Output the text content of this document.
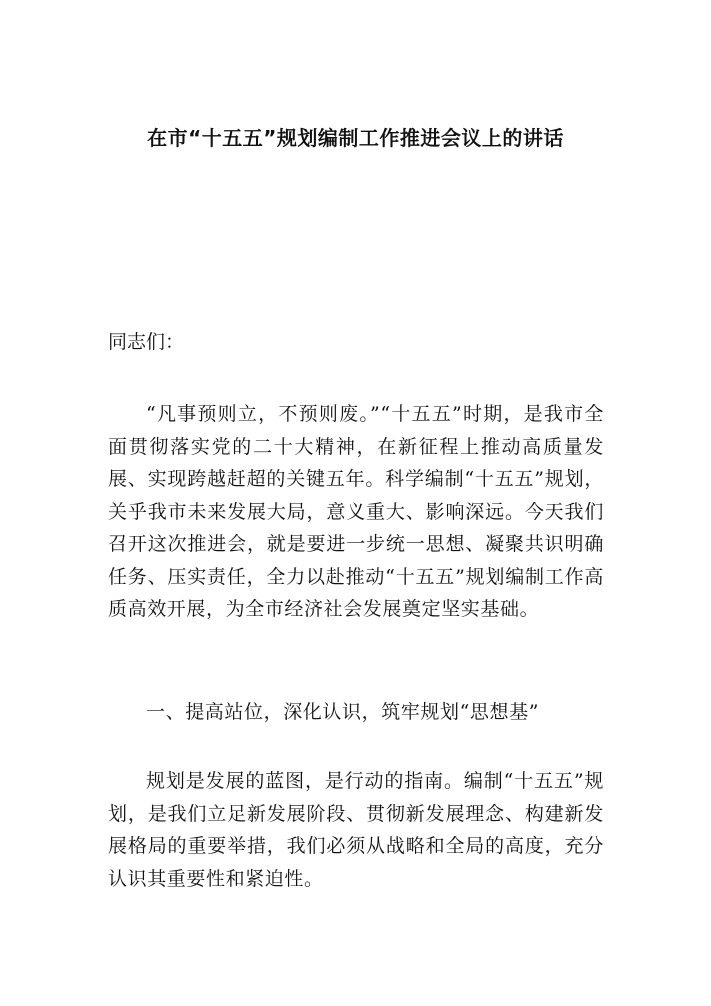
在市“十五五”规划编制工作推进会议上的讲话

同志们：

“凡事预则立，不预则废。”“十五五”时期，是我市全面贯彻落实党的二十大精神，在新征程上推动高质量发展、实现跨越赶超的关键五年。科学编制“十五五”规划，关乎我市未来发展大局，意义重大、影响深远。今天我们召开这次推进会，就是要进一步统一思想、凝聚共识明确任务、压实责任，全力以赴推动“十五五”规划编制工作高质高效开展，为全市经济社会发展奠定坚实基础。

一、提高站位，深化认识，筑牢规划“思想基”

规划是发展的蓝图，是行动的指南。编制“十五五”规划，是我们立足新发展阶段、贯彻新发展理念、构建新发展格局的重要举措，我们必须从战略和全局的高度，充分认识其重要性和紧迫性。
